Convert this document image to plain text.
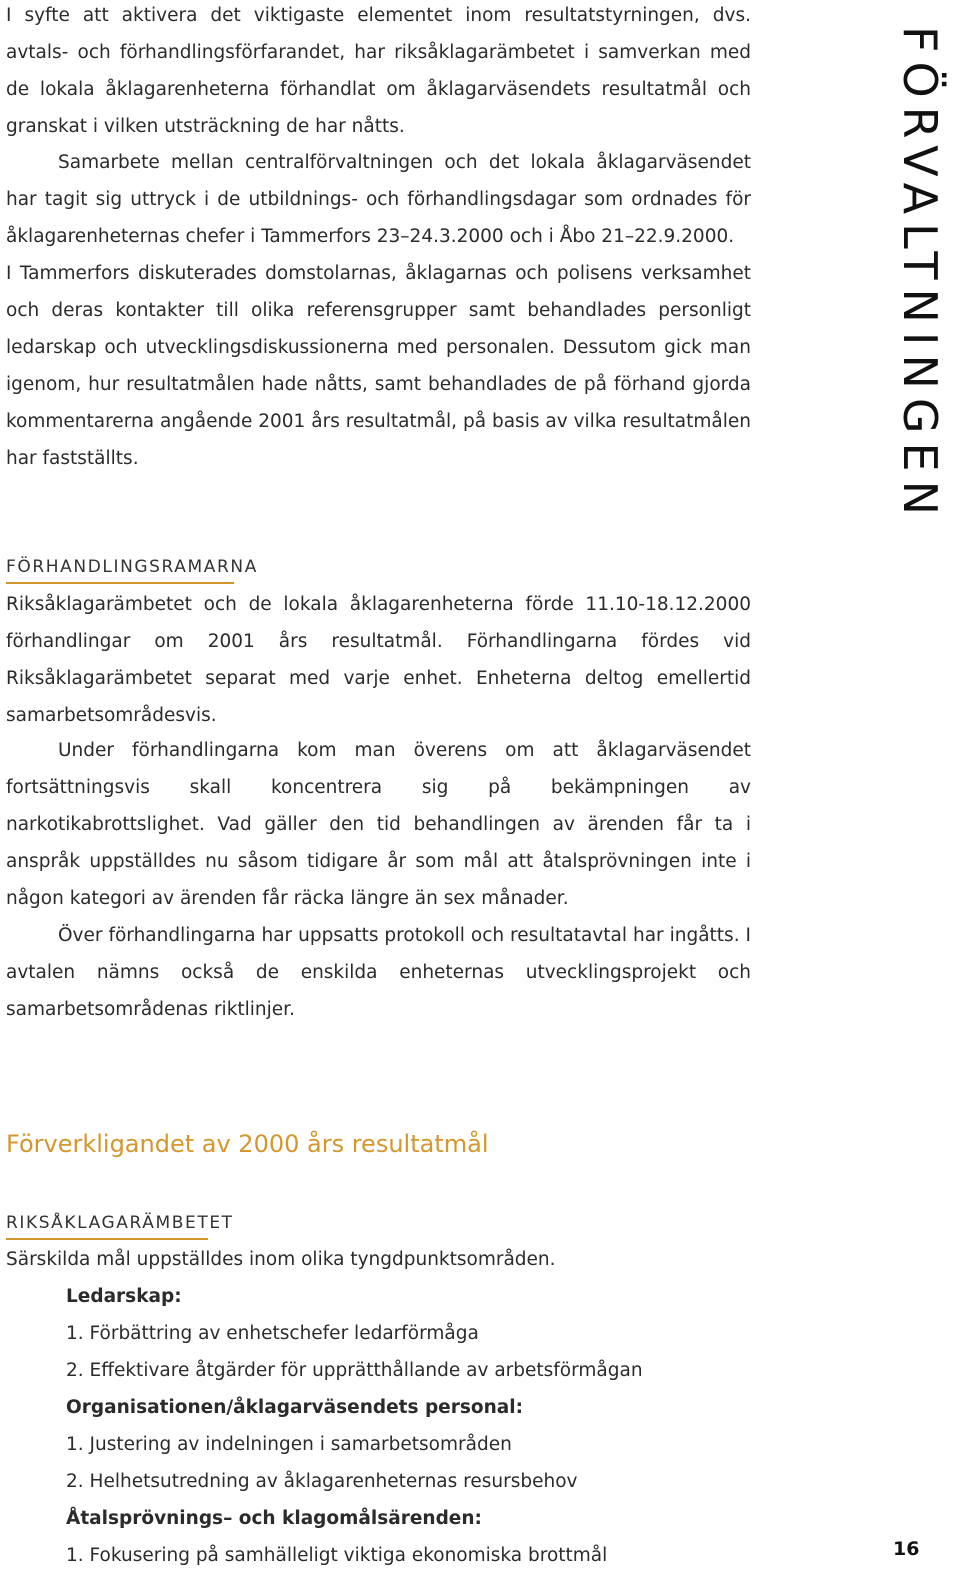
I syfte att aktivera det viktigaste elementet inom resultatstyrningen, dvs. avtals- och förhandlingsförfarandet, har riksåklagarämbetet i samverkan med de lokala åklagarenheterna förhandlat om åklagarväsendets resultatmål och granskat i vilken utsträckning de har nåtts.

Samarbete mellan centralförvaltningen och det lokala åklagarväsendet har tagit sig uttryck i de utbildnings- och förhandlingsdagar som ordnades för åklagarenheternas chefer i Tammerfors 23–24.3.2000 och i Åbo 21–22.9.2000.

I Tammerfors diskuterades domstolarnas, åklagarnas och polisens verksamhet och deras kontakter till olika referensgrupper samt behandlades personligt ledarskap och utvecklingsdiskussionerna med personalen. Dessutom gick man igenom, hur resultatmålen hade nåtts, samt behandlades de på förhand gjorda kommentarerna angående 2001 års resultatmål, på basis av vilka resultatmålen har fastställts.

FÖRHANDLINGSRAMARNA

Riksåklagarämbetet och de lokala åklagarenheterna förde 11.10-18.12.2000 förhandlingar om 2001 års resultatmål. Förhandlingarna fördes vid Riksåklagarämbetet separat med varje enhet. Enheterna deltog emellertid samarbetsområdesvis.

Under förhandlingarna kom man överens om att åklagarväsendet fortsättningsvis skall koncentrera sig på bekämpningen av narkotikabrottslighet. Vad gäller den tid behandlingen av ärenden får ta i anspråk uppställdes nu såsom tidigare år som mål att åtalsprövningen inte i någon kategori av ärenden får räcka längre än sex månader.

Över förhandlingarna har uppsatts protokoll och resultatavtal har ingåtts. I avtalen nämns också de enskilda enheternas utvecklingsprojekt och samarbetsområdenas riktlinjer.

Förverkligandet av 2000 års resultatmål
RIKSÅKLAGARÄMBETET

Särskilda mål uppställdes inom olika tyngdpunktsområden.

Ledarskap:
1. Förbättring av enhetschefer ledarförmåga
2. Effektivare åtgärder för upprätthållande av arbetsförmågan
Organisationen/åklagarväsendets personal:
1. Justering av indelningen i samarbetsområden
2. Helhetsutredning av åklagarenheternas resursbehov
Åtalsprövnings– och klagomålsärenden:
1. Fokusering på samhälleligt viktiga ekonomiska brottmål
FÖRVALTNINGEN
16
